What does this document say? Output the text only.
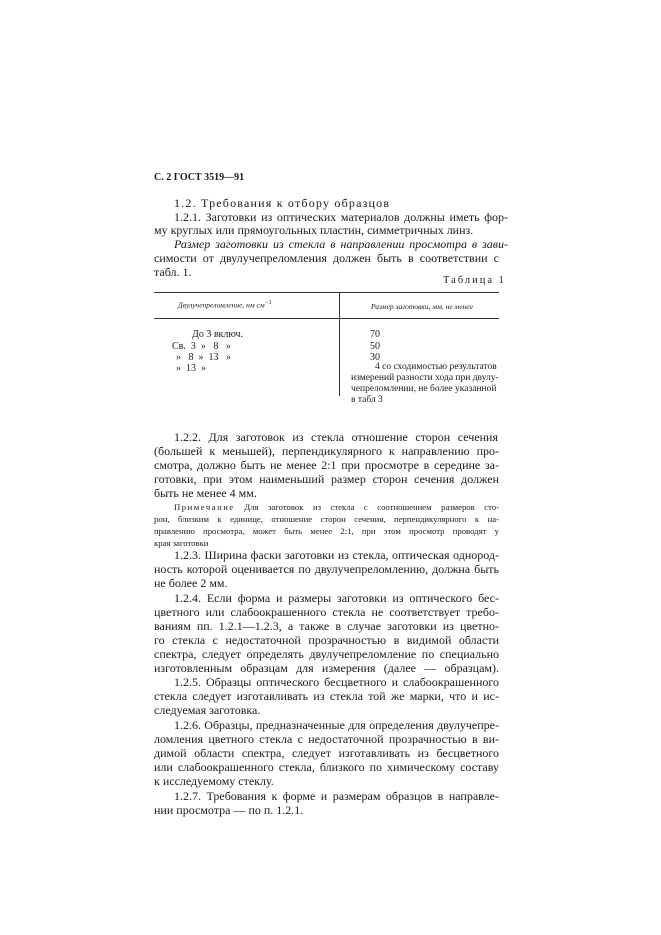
С. 2 ГОСТ 3519—91
1.2. Требования к отбору образцов
1.2.1. Заготовки из оптических материалов должны иметь фор-
му круглых или прямоугольных пластин, симметричных линз.
Размер заготовки из стекла в направлении просмотра в зави-
симости от двулучепреломления должен быть в соответствии с
табл. 1.
Таблица 1
Двулучепреломление, нм $см^{-1}$	Размер заготовки, мм, не менее
До 3 включ.
Св.  3  »   8   »
»   8  »  13   »
»  13  »
70
50
30
4 со сходимостью результатов
измерений разности хода при двулу-
чепреломлении, не более указанной
в табл 3
1.2.2. Для заготовок из стекла отношение сторон сечения
(большей к меньшей), перпендикулярного к направлению про-
смотра, должно быть не менее 2:1 при просмотре в середине за-
готовки, при этом наименьший размер сторон сечения должен
быть не менее 4 мм.
Примечание Для заготовок из стекла с соотношением размеров сто-
рон, близким к единице, отношение сторон сечения, перпендикулярного к на-
правлению просмотра, может быть менее 2:1, при этом просмотр проводят у
края заготовки
1.2.3. Ширина фаски заготовки из стекла, оптическая однород-
ность которой оценивается по двулучепреломлению, должна быть
не более 2 мм.
1.2.4. Если форма и размеры заготовки из оптического бес-
цветного или слабоокрашенного стекла не соответствует требо-
ваниям пп. 1.2.1—1.2.3, а также в случае заготовки из цветно-
го стекла с недостаточной прозрачностью в видимой области
спектра, следует определять двулучепреломление по специально
изготовленным образцам для измерения (далее — образцам).
1.2.5. Образцы оптического бесцветного и слабоокрашенного
стекла следует изготавливать из стекла той же марки, что и ис-
следуемая заготовка.
1.2.6. Образцы, предназначенные для определения двулучепре-
ломления цветного стекла с недостаточной прозрачностью в ви-
димой области спектра, следует изготавливать из бесцветного
или слабоокрашенного стекла, близкого по химическому составу
к исследуемому стеклу.
1.2.7. Требования к форме и размерам образцов в направле-
нии просмотра — по п. 1.2.1.
